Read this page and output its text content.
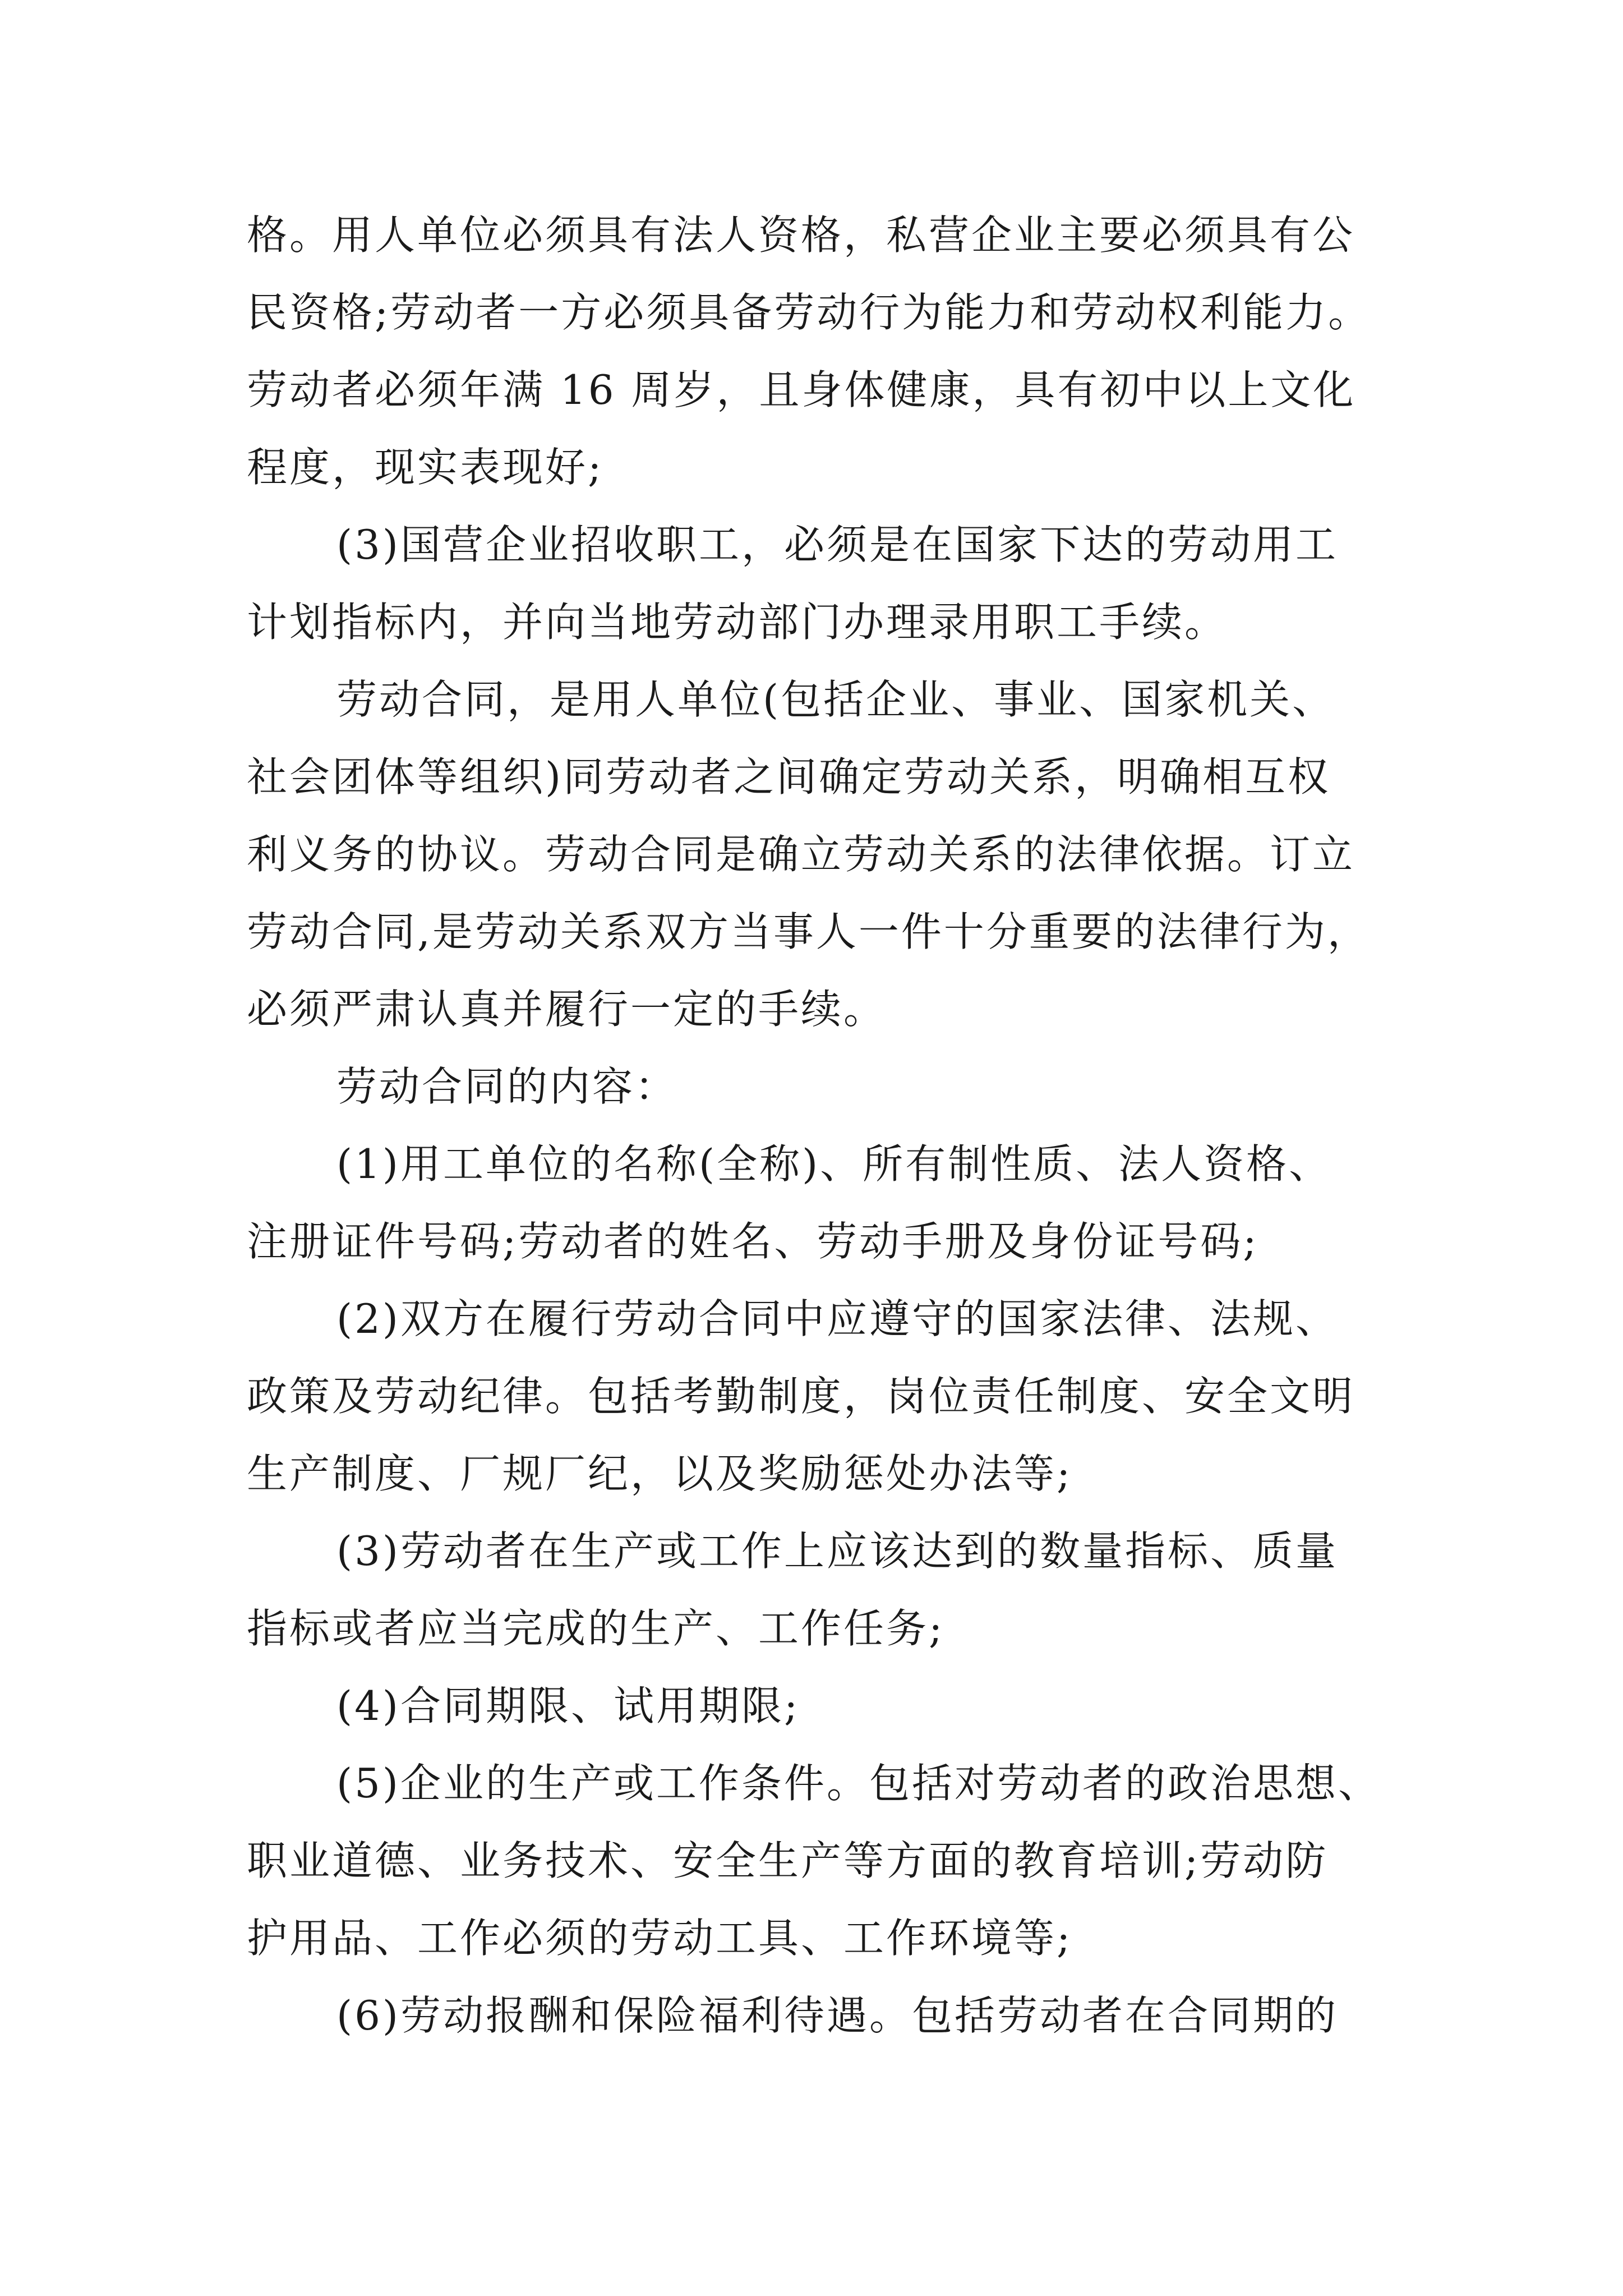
格。用人单位必须具有法人资格，私营企业主要必须具有公
民资格;劳动者一方必须具备劳动行为能力和劳动权利能力。
劳动者必须年满 16 周岁，且身体健康，具有初中以上文化
程度，现实表现好;
(3)国营企业招收职工，必须是在国家下达的劳动用工
计划指标内，并向当地劳动部门办理录用职工手续。
劳动合同，是用人单位(包括企业、事业、国家机关、
社会团体等组织)同劳动者之间确定劳动关系，明确相互权
利义务的协议。劳动合同是确立劳动关系的法律依据。订立
劳动合同,是劳动关系双方当事人一件十分重要的法律行为，
必须严肃认真并履行一定的手续。
劳动合同的内容：
(1)用工单位的名称(全称)、所有制性质、法人资格、
注册证件号码;劳动者的姓名、劳动手册及身份证号码;
(2)双方在履行劳动合同中应遵守的国家法律、法规、
政策及劳动纪律。包括考勤制度，岗位责任制度、安全文明
生产制度、厂规厂纪，以及奖励惩处办法等;
(3)劳动者在生产或工作上应该达到的数量指标、质量
指标或者应当完成的生产、工作任务;
(4)合同期限、试用期限;
(5)企业的生产或工作条件。包括对劳动者的政治思想、
职业道德、业务技术、安全生产等方面的教育培训;劳动防
护用品、工作必须的劳动工具、工作环境等;
(6)劳动报酬和保险福利待遇。包括劳动者在合同期的
